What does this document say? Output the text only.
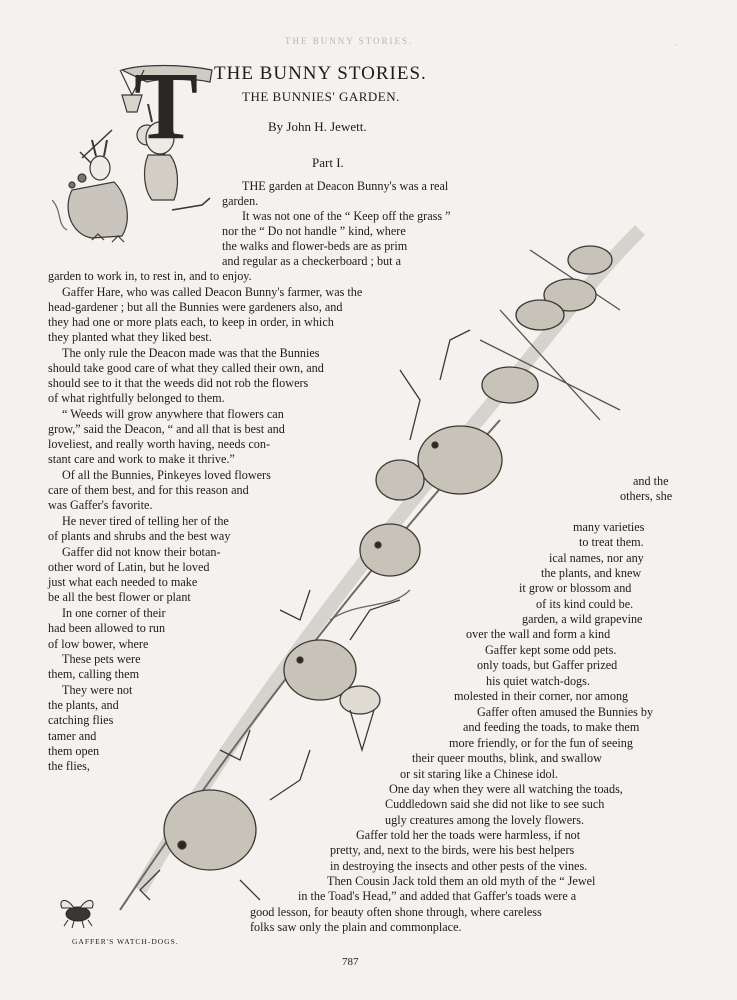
THE BUNNY STORIES.	·
T THE BUNNY STORIES.
THE BUNNIES' GARDEN.
By John H. Jewett.
Part I.
THE garden at Deacon Bunny's was a real
garden.
It was not one of the “ Keep off the grass ”
nor the “ Do not handle ” kind, where
the walks and flower-beds are as prim
and regular as a checkerboard ; but a
garden to work in, to rest in, and to enjoy.
Gaffer Hare, who was called Deacon Bunny's farmer, was the
head-gardener ; but all the Bunnies were gardeners also, and
they had one or more plats each, to keep in order, in which
they planted what they liked best.
The only rule the Deacon made was that the Bunnies
should take good care of what they called their own, and
should see to it that the weeds did not rob the flowers
of what rightfully belonged to them.
“ Weeds will grow anywhere that flowers can
grow,” said the Deacon, “ and all that is best and
loveliest, and really worth having, needs con-
stant care and work to make it thrive.”
Of all the Bunnies, Pinkeyes loved flowers	and the
care of them best, and for this reason and	others, she
was Gaffer's favorite.
He never tired of telling her of the	many varieties
of plants and shrubs and the best way	to treat them.
Gaffer did not know their botan-	ical names, nor any
other word of Latin, but he loved	the plants, and knew
just what each needed to make	it grow or blossom and
be all the best flower or plant	of its kind could be.
In one corner of their	garden, a wild grapevine
had been allowed to run	over the wall and form a kind
of low bower, where	Gaffer kept some odd pets.
These pets were	only toads, but Gaffer prized
them, calling them	his quiet watch-dogs.
They were not	molested in their corner, nor among
the plants, and	Gaffer often amused the Bunnies by
catching flies	and feeding the toads, to make them
tamer and	more friendly, or for the fun of seeing
them open	their queer mouths, blink, and swallow
the flies,
or sit staring like a Chinese idol.
One day when they were all watching the toads,
Cuddledown said she did not like to see such
ugly creatures among the lovely flowers.
Gaffer told her the toads were harmless, if not
pretty, and, next to the birds, were his best helpers
in destroying the insects and other pests of the vines.
Then Cousin Jack told them an old myth of the “ Jewel
in the Toad's Head,” and added that Gaffer's toads were a
good lesson, for beauty often shone through, where careless
folks saw only the plain and commonplace.
GAFFER'S WATCH-DOGS.
787
